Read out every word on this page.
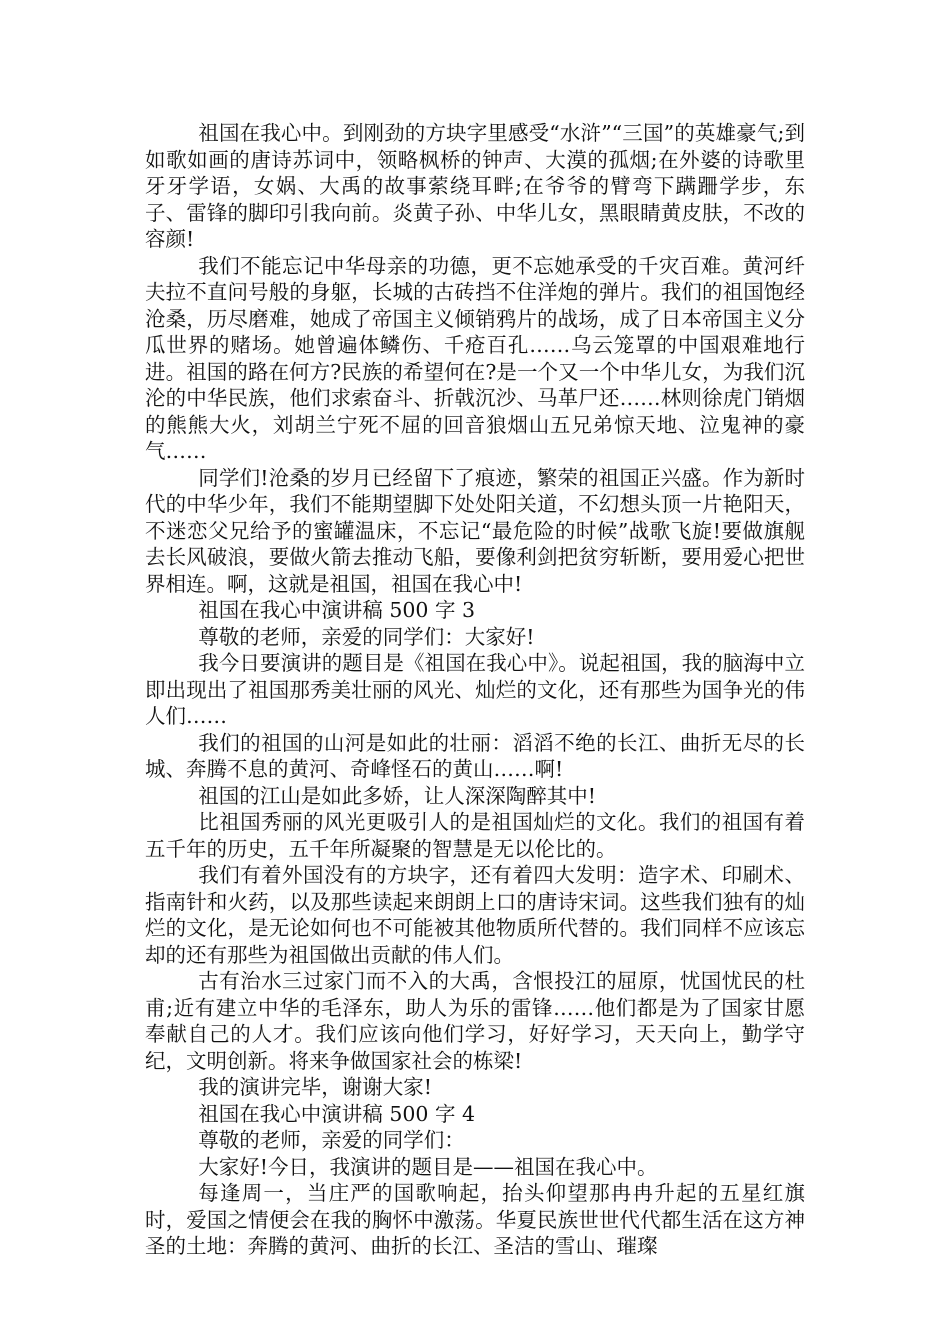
祖国在我心中。到刚劲的方块字里感受“水浒”“三国”的英雄豪气;到如歌如画的唐诗苏词中，领略枫桥的钟声、大漠的孤烟;在外婆的诗歌里牙牙学语，女娲、大禹的故事萦绕耳畔;在爷爷的臂弯下蹒跚学步，东子、雷锋的脚印引我向前。炎黄子孙、中华儿女，黑眼睛黄皮肤，不改的容颜!

我们不能忘记中华母亲的功德，更不忘她承受的千灾百难。黄河纤夫拉不直问号般的身躯，长城的古砖挡不住洋炮的弹片。我们的祖国饱经沧桑，历尽磨难，她成了帝国主义倾销鸦片的战场，成了日本帝国主义分瓜世界的赌场。她曾遍体鳞伤、千疮百孔……乌云笼罩的中国艰难地行进。祖国的路在何方?民族的希望何在?是一个又一个中华儿女，为我们沉沦的中华民族，他们求索奋斗、折戟沉沙、马革尸还……林则徐虎门销烟的熊熊大火，刘胡兰宁死不屈的回音狼烟山五兄弟惊天地、泣鬼神的豪气……

同学们!沧桑的岁月已经留下了痕迹，繁荣的祖国正兴盛。作为新时代的中华少年，我们不能期望脚下处处阳关道，不幻想头顶一片艳阳天，不迷恋父兄给予的蜜罐温床，不忘记“最危险的时候”战歌飞旋!要做旗舰去长风破浪，要做火箭去推动飞船，要像利剑把贫穷斩断，要用爱心把世界相连。啊，这就是祖国，祖国在我心中!

祖国在我心中演讲稿 500 字 3

尊敬的老师，亲爱的同学们：大家好!

我今日要演讲的题目是《祖国在我心中》。说起祖国，我的脑海中立即出现出了祖国那秀美壮丽的风光、灿烂的文化，还有那些为国争光的伟人们……

我们的祖国的山河是如此的壮丽：滔滔不绝的长江、曲折无尽的长城、奔腾不息的黄河、奇峰怪石的黄山……啊!

祖国的江山是如此多娇，让人深深陶醉其中!

比祖国秀丽的风光更吸引人的是祖国灿烂的文化。我们的祖国有着五千年的历史，五千年所凝聚的智慧是无以伦比的。

我们有着外国没有的方块字，还有着四大发明：造字术、印刷术、指南针和火药，以及那些读起来朗朗上口的唐诗宋词。这些我们独有的灿烂的文化，是无论如何也不可能被其他物质所代替的。我们同样不应该忘却的还有那些为祖国做出贡献的伟人们。

古有治水三过家门而不入的大禹，含恨投江的屈原，忧国忧民的杜甫;近有建立中华的毛泽东，助人为乐的雷锋……他们都是为了国家甘愿奉献自己的人才。我们应该向他们学习，好好学习，天天向上，勤学守纪，文明创新。将来争做国家社会的栋梁!

我的演讲完毕，谢谢大家!

祖国在我心中演讲稿 500 字 4

尊敬的老师，亲爱的同学们：

大家好!今日，我演讲的题目是——祖国在我心中。

每逢周一，当庄严的国歌响起，抬头仰望那冉冉升起的五星红旗时，爱国之情便会在我的胸怀中激荡。华夏民族世世代代都生活在这方神圣的土地：奔腾的黄河、曲折的长江、圣洁的雪山、璀璨
